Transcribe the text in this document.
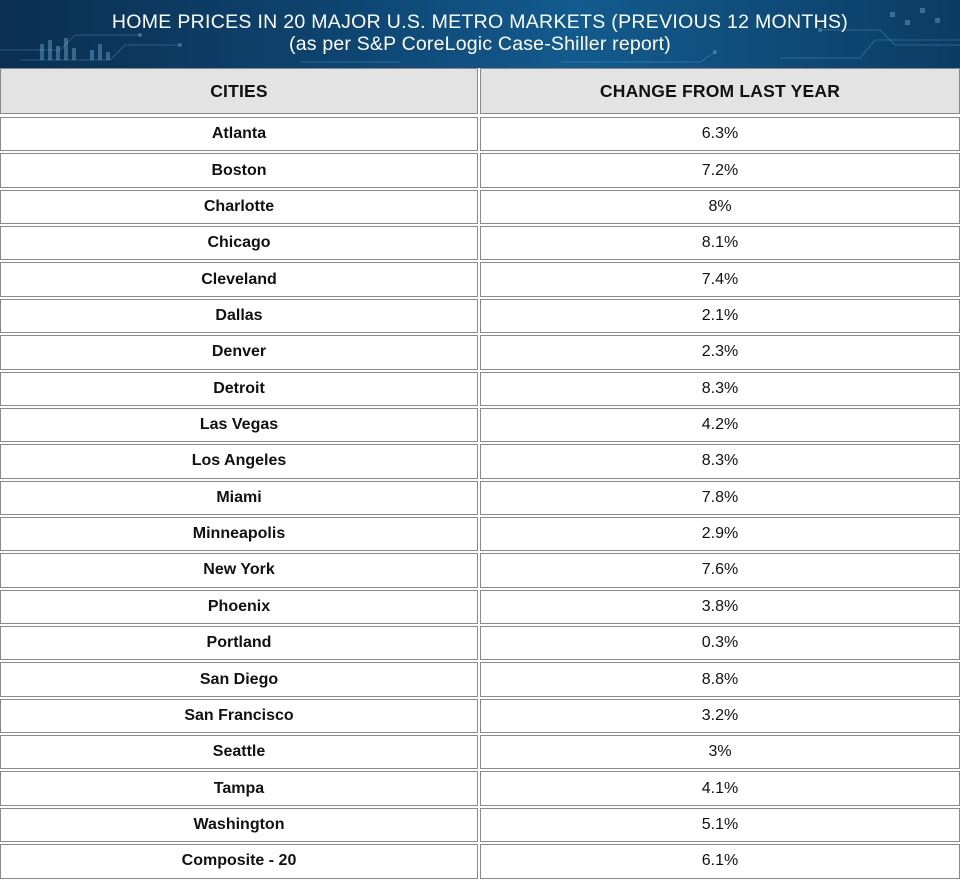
HOME PRICES IN 20 MAJOR U.S. METRO MARKETS (PREVIOUS 12 MONTHS)
(as per S&P CoreLogic Case-Shiller report)
CITIES	CHANGE FROM LAST YEAR
Atlanta	6.3%
Boston	7.2%
Charlotte	8%
Chicago	8.1%
Cleveland	7.4%
Dallas	2.1%
Denver	2.3%
Detroit	8.3%
Las Vegas	4.2%
Los Angeles	8.3%
Miami	7.8%
Minneapolis	2.9%
New York	7.6%
Phoenix	3.8%
Portland	0.3%
San Diego	8.8%
San Francisco	3.2%
Seattle	3%
Tampa	4.1%
Washington	5.1%
Composite - 20	6.1%
